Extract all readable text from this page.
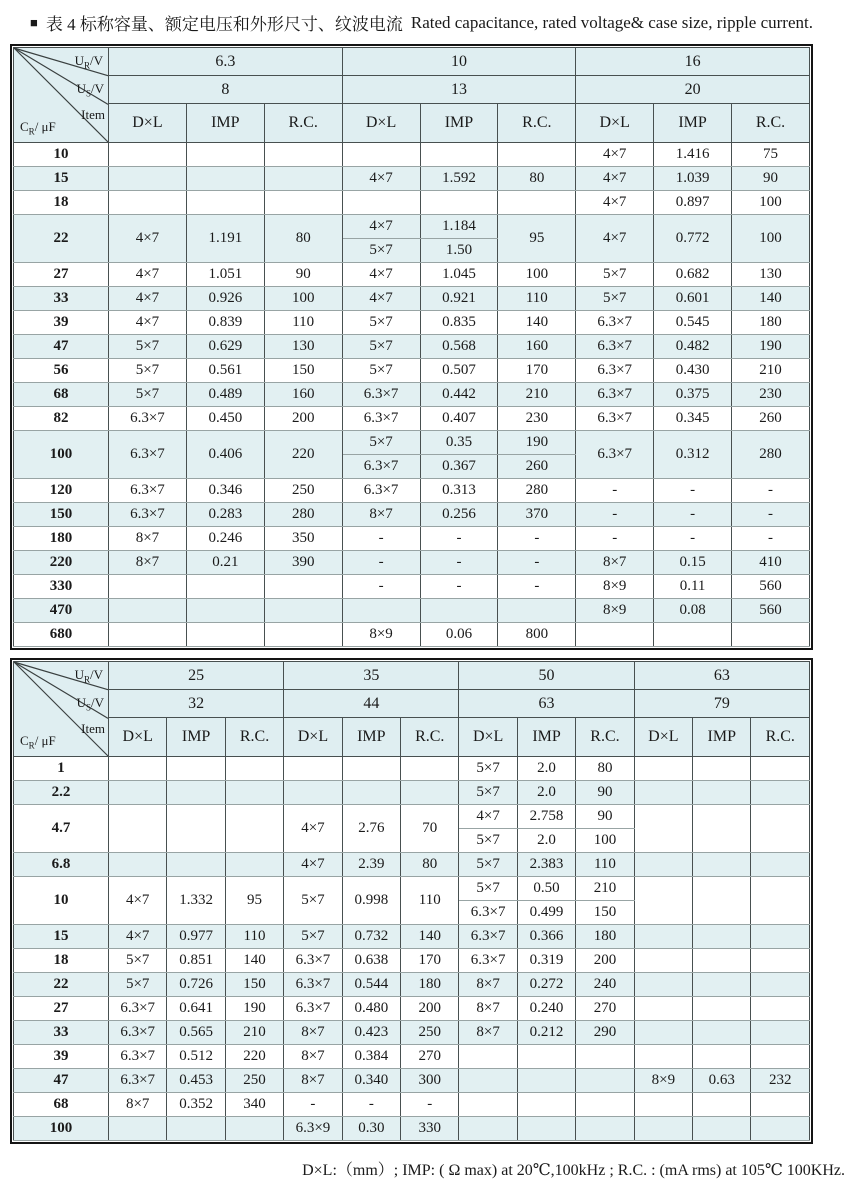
■ 表 4 标称容量、额定电压和外形尺寸、纹波电流 Rated capacitance, rated voltage& case size, ripple current.
$U_R/V$
$U_S/V$
Item
$C_R/$ μF	6.3			10			16		
	8			13			20		
	D×L	IMP	R.C.	D×L	IMP	R.C.	D×L	IMP	R.C.
10							4×7	1.416	75
15				4×7	1.592	80	4×7	1.039	90
18							4×7	0.897	100
22	4×7	1.191	80	4×7	1.184	95	4×7	0.772	100
				5×7	1.50				
27	4×7	1.051	90	4×7	1.045	100	5×7	0.682	130
33	4×7	0.926	100	4×7	0.921	110	5×7	0.601	140
39	4×7	0.839	110	5×7	0.835	140	6.3×7	0.545	180
47	5×7	0.629	130	5×7	0.568	160	6.3×7	0.482	190
56	5×7	0.561	150	5×7	0.507	170	6.3×7	0.430	210
68	5×7	0.489	160	6.3×7	0.442	210	6.3×7	0.375	230
82	6.3×7	0.450	200	6.3×7	0.407	230	6.3×7	0.345	260
100	6.3×7	0.406	220	5×7	0.35	190	6.3×7	0.312	280
				6.3×7	0.367	260			
120	6.3×7	0.346	250	6.3×7	0.313	280	-	-	-
150	6.3×7	0.283	280	8×7	0.256	370	-	-	-
180	8×7	0.246	350	-	-	-	-	-	-
220	8×7	0.21	390	-	-	-	8×7	0.15	410
330				-	-	-	8×9	0.11	560
470							8×9	0.08	560
680				8×9	0.06	800			
$U_R/V$
$U_S/V$
Item
$C_R/$ μF	25			35			50			63		
	32			44			63			79		
	D×L	IMP	R.C.	D×L	IMP	R.C.	D×L	IMP	R.C.	D×L	IMP	R.C.
1							5×7	2.0	80			
2.2							5×7	2.0	90			
4.7				4×7	2.76	70	4×7	2.758	90			
							5×7	2.0	100			
6.8				4×7	2.39	80	5×7	2.383	110			
10	4×7	1.332	95	5×7	0.998	110	5×7	0.50	210			
							6.3×7	0.499	150			
15	4×7	0.977	110	5×7	0.732	140	6.3×7	0.366	180			
18	5×7	0.851	140	6.3×7	0.638	170	6.3×7	0.319	200			
22	5×7	0.726	150	6.3×7	0.544	180	8×7	0.272	240			
27	6.3×7	0.641	190	6.3×7	0.480	200	8×7	0.240	270			
33	6.3×7	0.565	210	8×7	0.423	250	8×7	0.212	290			
39	6.3×7	0.512	220	8×7	0.384	270						
47	6.3×7	0.453	250	8×7	0.340	300				8×9	0.63	232
68	8×7	0.352	340	-	-	-						
100				6.3×9	0.30	330						
D×L:（mm）; IMP: ( Ω max) at 20℃,100kHz ; R.C. : (mA rms) at 105℃ 100KHz.
